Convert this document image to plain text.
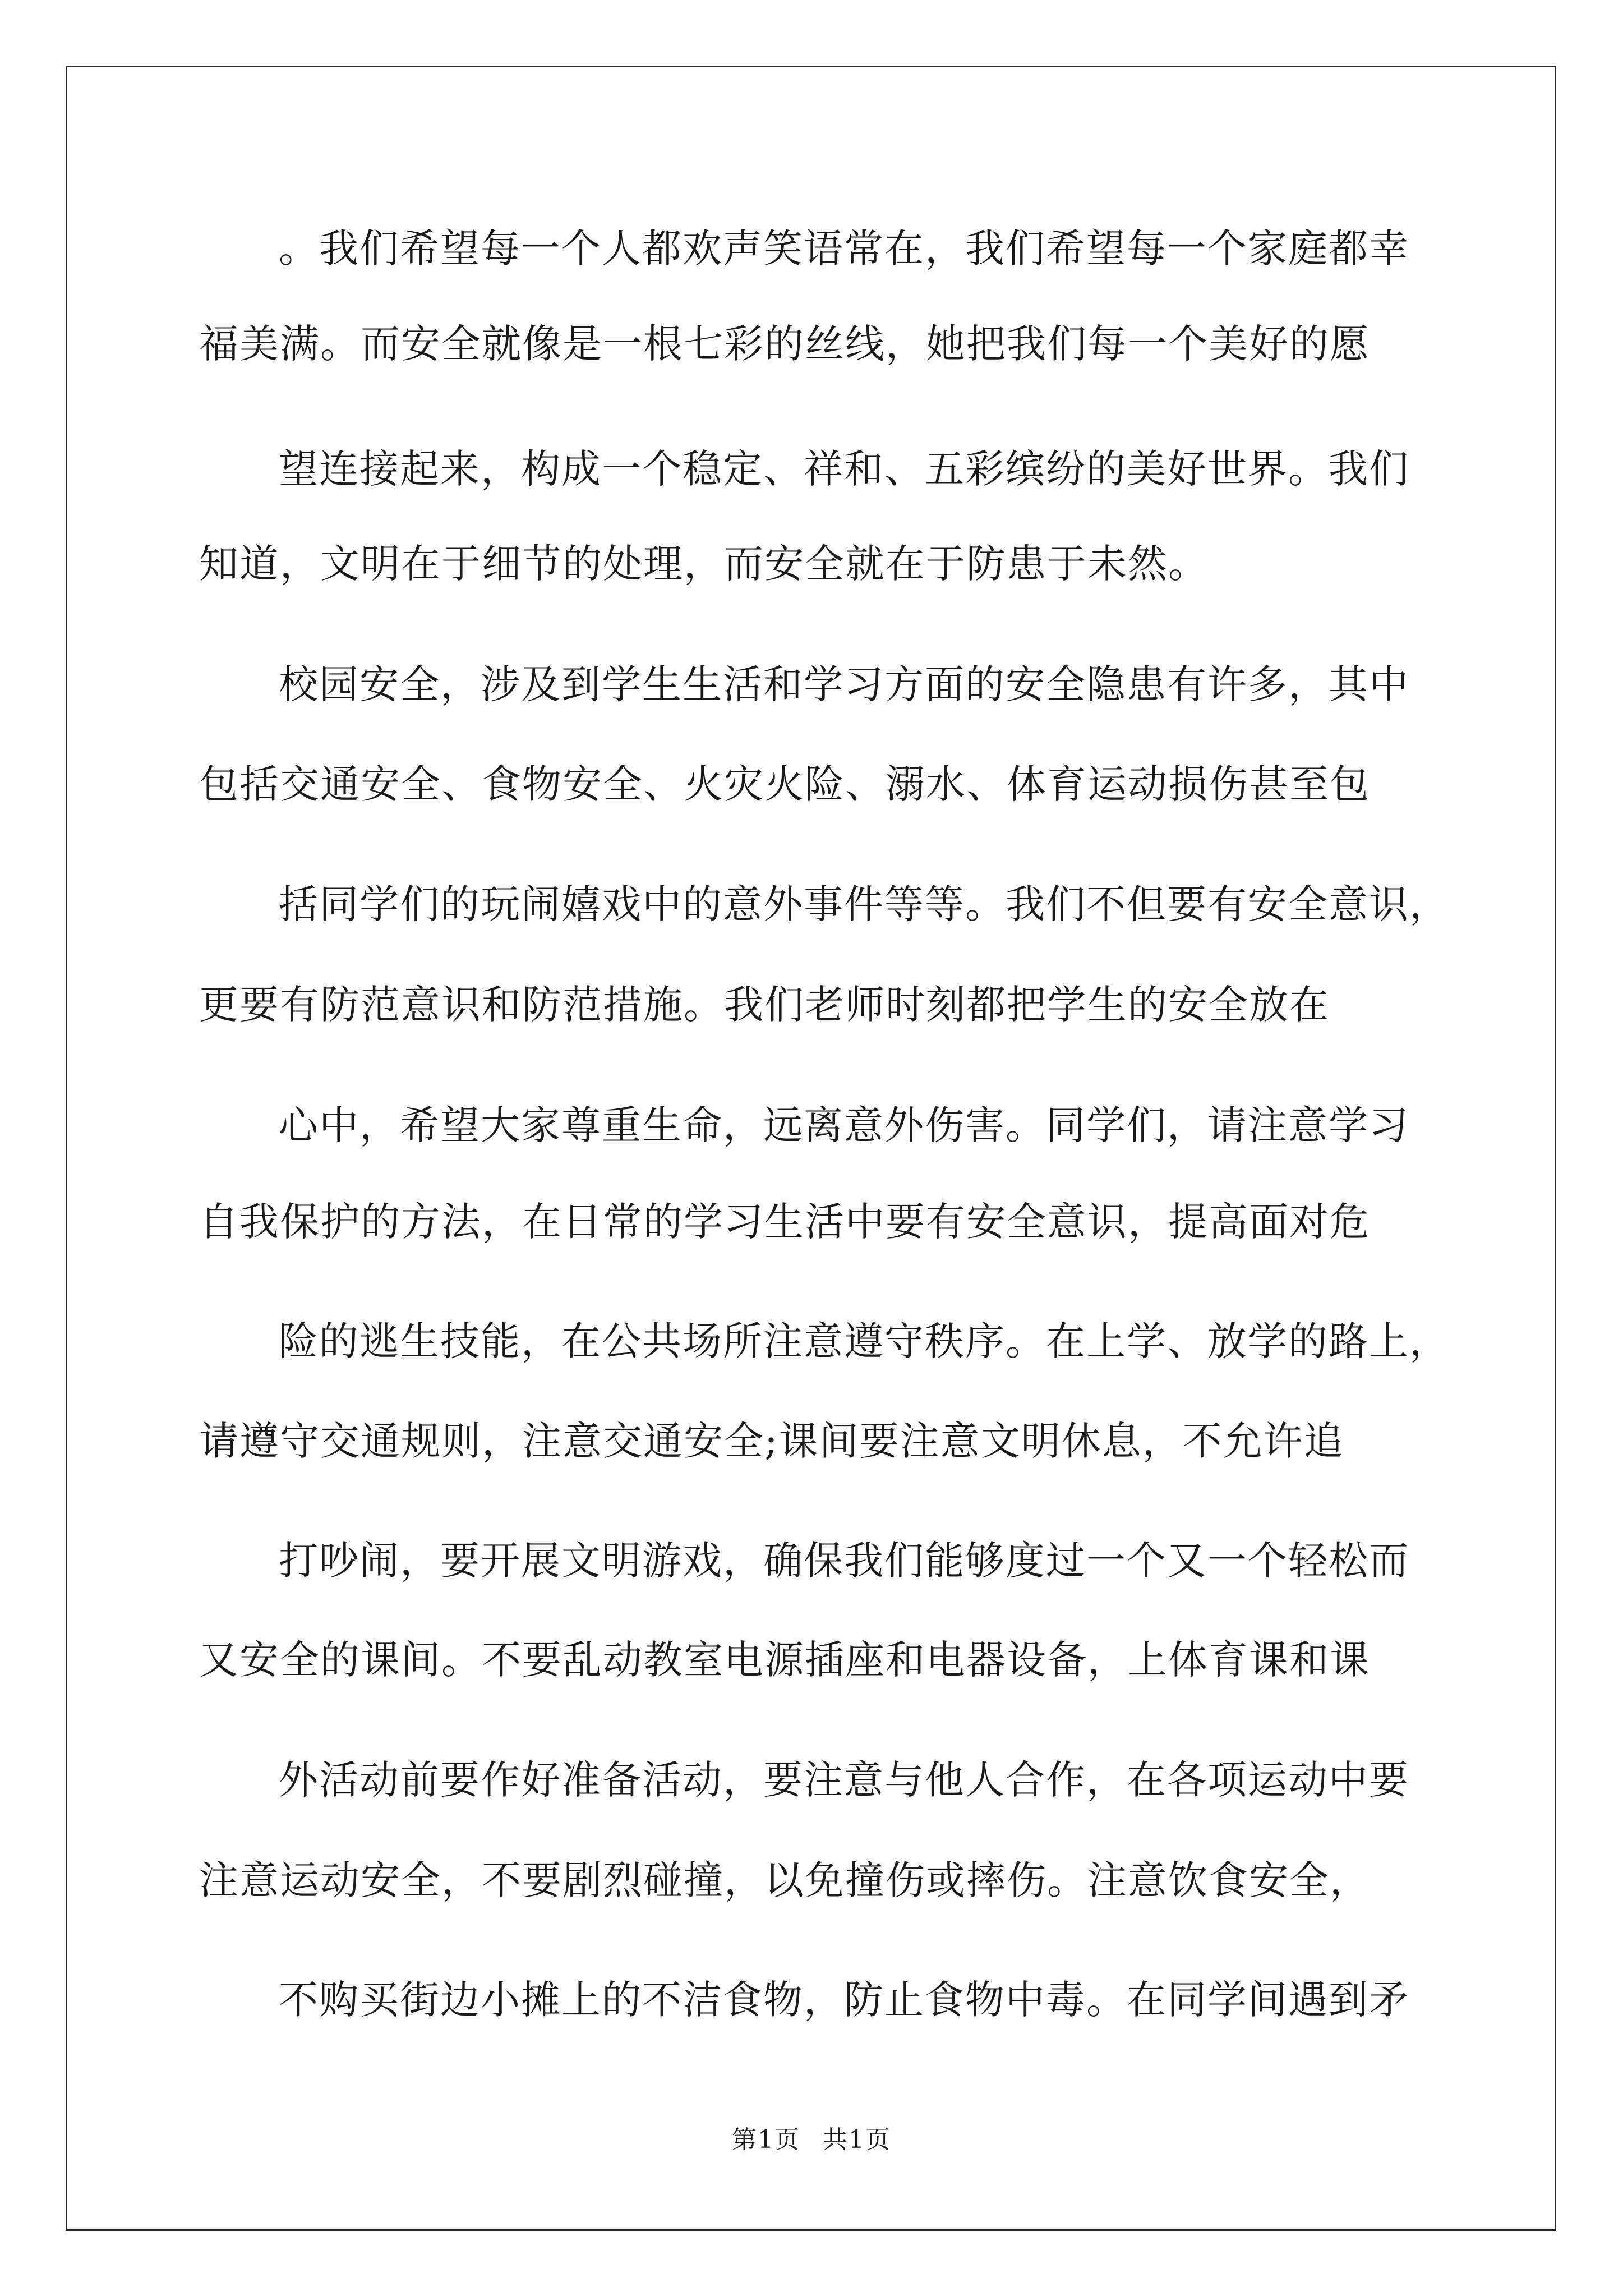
。我们希望每一个人都欢声笑语常在，我们希望每一个家庭都幸
福美满。而安全就像是一根七彩的丝线，她把我们每一个美好的愿
望连接起来，构成一个稳定、祥和、五彩缤纷的美好世界。我们
知道，文明在于细节的处理，而安全就在于防患于未然。
校园安全，涉及到学生生活和学习方面的安全隐患有许多，其中
包括交通安全、食物安全、火灾火险、溺水、体育运动损伤甚至包
括同学们的玩闹嬉戏中的意外事件等等。我们不但要有安全意识，
更要有防范意识和防范措施。我们老师时刻都把学生的安全放在
心中，希望大家尊重生命，远离意外伤害。同学们，请注意学习
自我保护的方法，在日常的学习生活中要有安全意识，提高面对危
险的逃生技能，在公共场所注意遵守秩序。在上学、放学的路上，
请遵守交通规则，注意交通安全;课间要注意文明休息，不允许追
打吵闹，要开展文明游戏，确保我们能够度过一个又一个轻松而
又安全的课间。不要乱动教室电源插座和电器设备，上体育课和课
外活动前要作好准备活动，要注意与他人合作，在各项运动中要
注意运动安全，不要剧烈碰撞，以免撞伤或摔伤。注意饮食安全，
不购买街边小摊上的不洁食物，防止食物中毒。在同学间遇到矛
第1页 共1页
